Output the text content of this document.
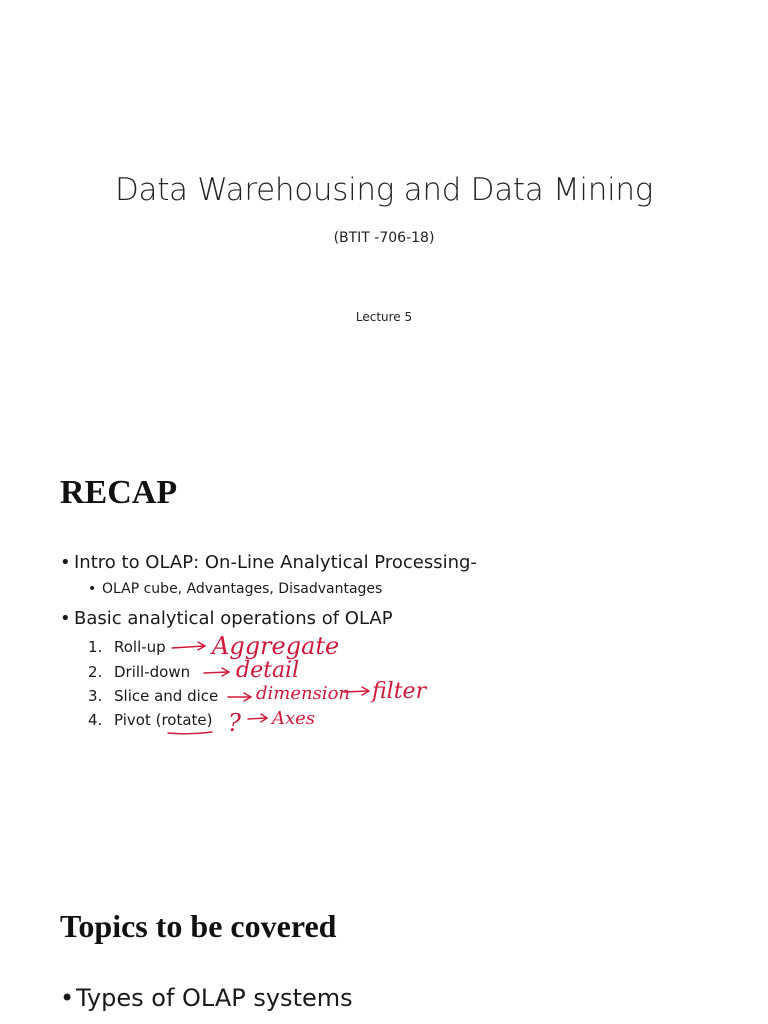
Data Warehousing and Data Mining
(BTIT -706-18)
Lecture 5
RECAP
• Intro to OLAP: On-Line Analytical Processing-
• OLAP cube, Advantages, Disadvantages
• Basic analytical operations of OLAP
1. Roll-up
2. Drill-down
3. Slice and dice
4. Pivot (rotate)
Aggregate
detail
dimension filter
? Axes
Topics to be covered
•Types of OLAP systems
